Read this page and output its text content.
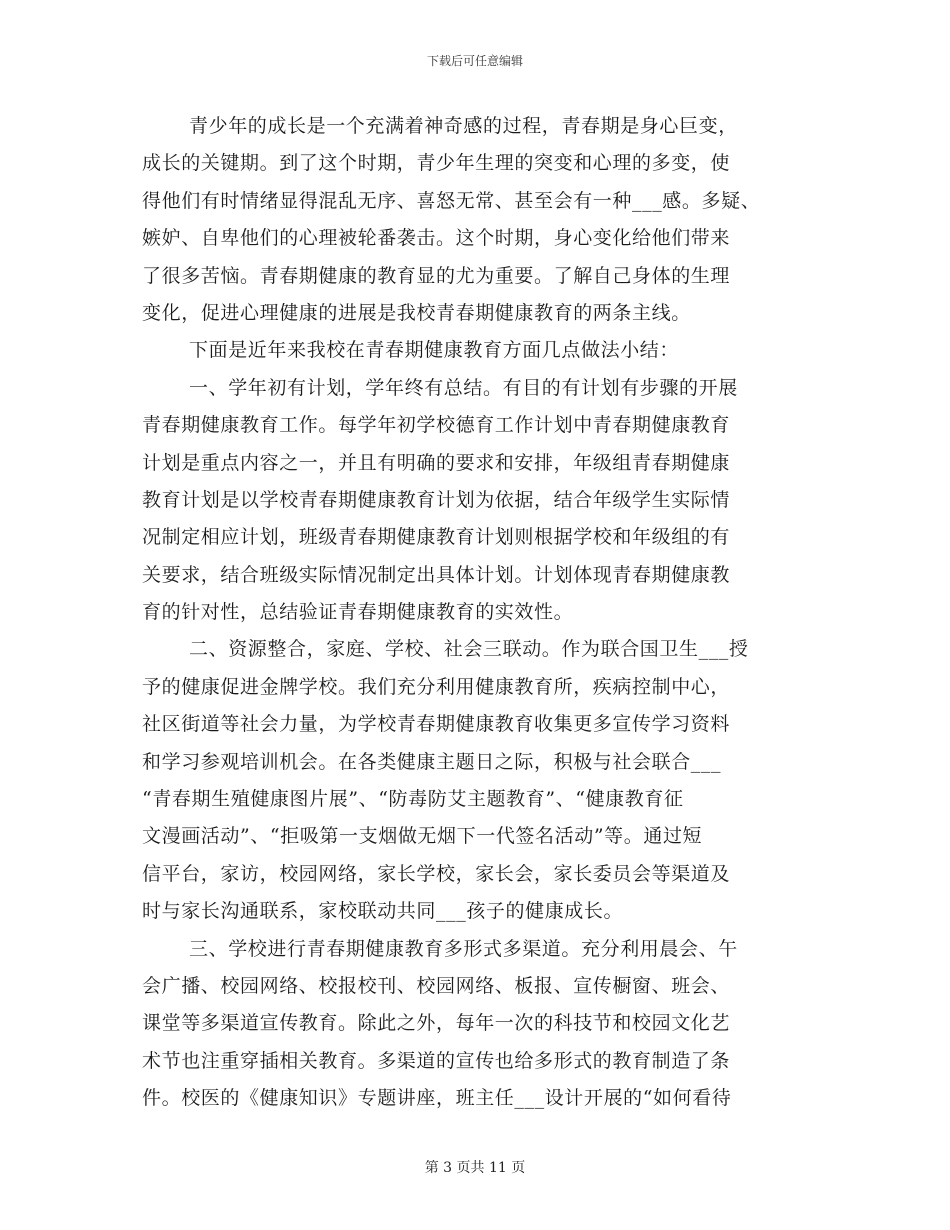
下载后可任意编辑
青少年的成长是一个充满着神奇感的过程，青春期是身心巨变，
成长的关键期。到了这个时期，青少年生理的突变和心理的多变，使
得他们有时情绪显得混乱无序、喜怒无常、甚至会有一种___感。多疑、
嫉妒、自卑他们的心理被轮番袭击。这个时期，身心变化给他们带来
了很多苦恼。青春期健康的教育显的尤为重要。了解自己身体的生理
变化，促进心理健康的进展是我校青春期健康教育的两条主线。
下面是近年来我校在青春期健康教育方面几点做法小结：
一、学年初有计划，学年终有总结。有目的有计划有步骤的开展
青春期健康教育工作。每学年初学校德育工作计划中青春期健康教育
计划是重点内容之一，并且有明确的要求和安排，年级组青春期健康
教育计划是以学校青春期健康教育计划为依据，结合年级学生实际情
况制定相应计划，班级青春期健康教育计划则根据学校和年级组的有
关要求，结合班级实际情况制定出具体计划。计划体现青春期健康教
育的针对性，总结验证青春期健康教育的实效性。
二、资源整合，家庭、学校、社会三联动。作为联合国卫生___授
予的健康促进金牌学校。我们充分利用健康教育所，疾病控制中心，
社区街道等社会力量，为学校青春期健康教育收集更多宣传学习资料
和学习参观培训机会。在各类健康主题日之际，积极与社会联合___
“青春期生殖健康图片展”、“防毒防艾主题教育”、“健康教育征
文漫画活动”、“拒吸第一支烟做无烟下一代签名活动”等。通过短
信平台，家访，校园网络，家长学校，家长会，家长委员会等渠道及
时与家长沟通联系，家校联动共同___孩子的健康成长。
三、学校进行青春期健康教育多形式多渠道。充分利用晨会、午
会广播、校园网络、校报校刊、校园网络、板报、宣传橱窗、班会、
课堂等多渠道宣传教育。除此之外，每年一次的科技节和校园文化艺
术节也注重穿插相关教育。多渠道的宣传也给多形式的教育制造了条
件。校医的《健康知识》专题讲座，班主任___设计开展的“如何看待
第 3 页共 11 页
